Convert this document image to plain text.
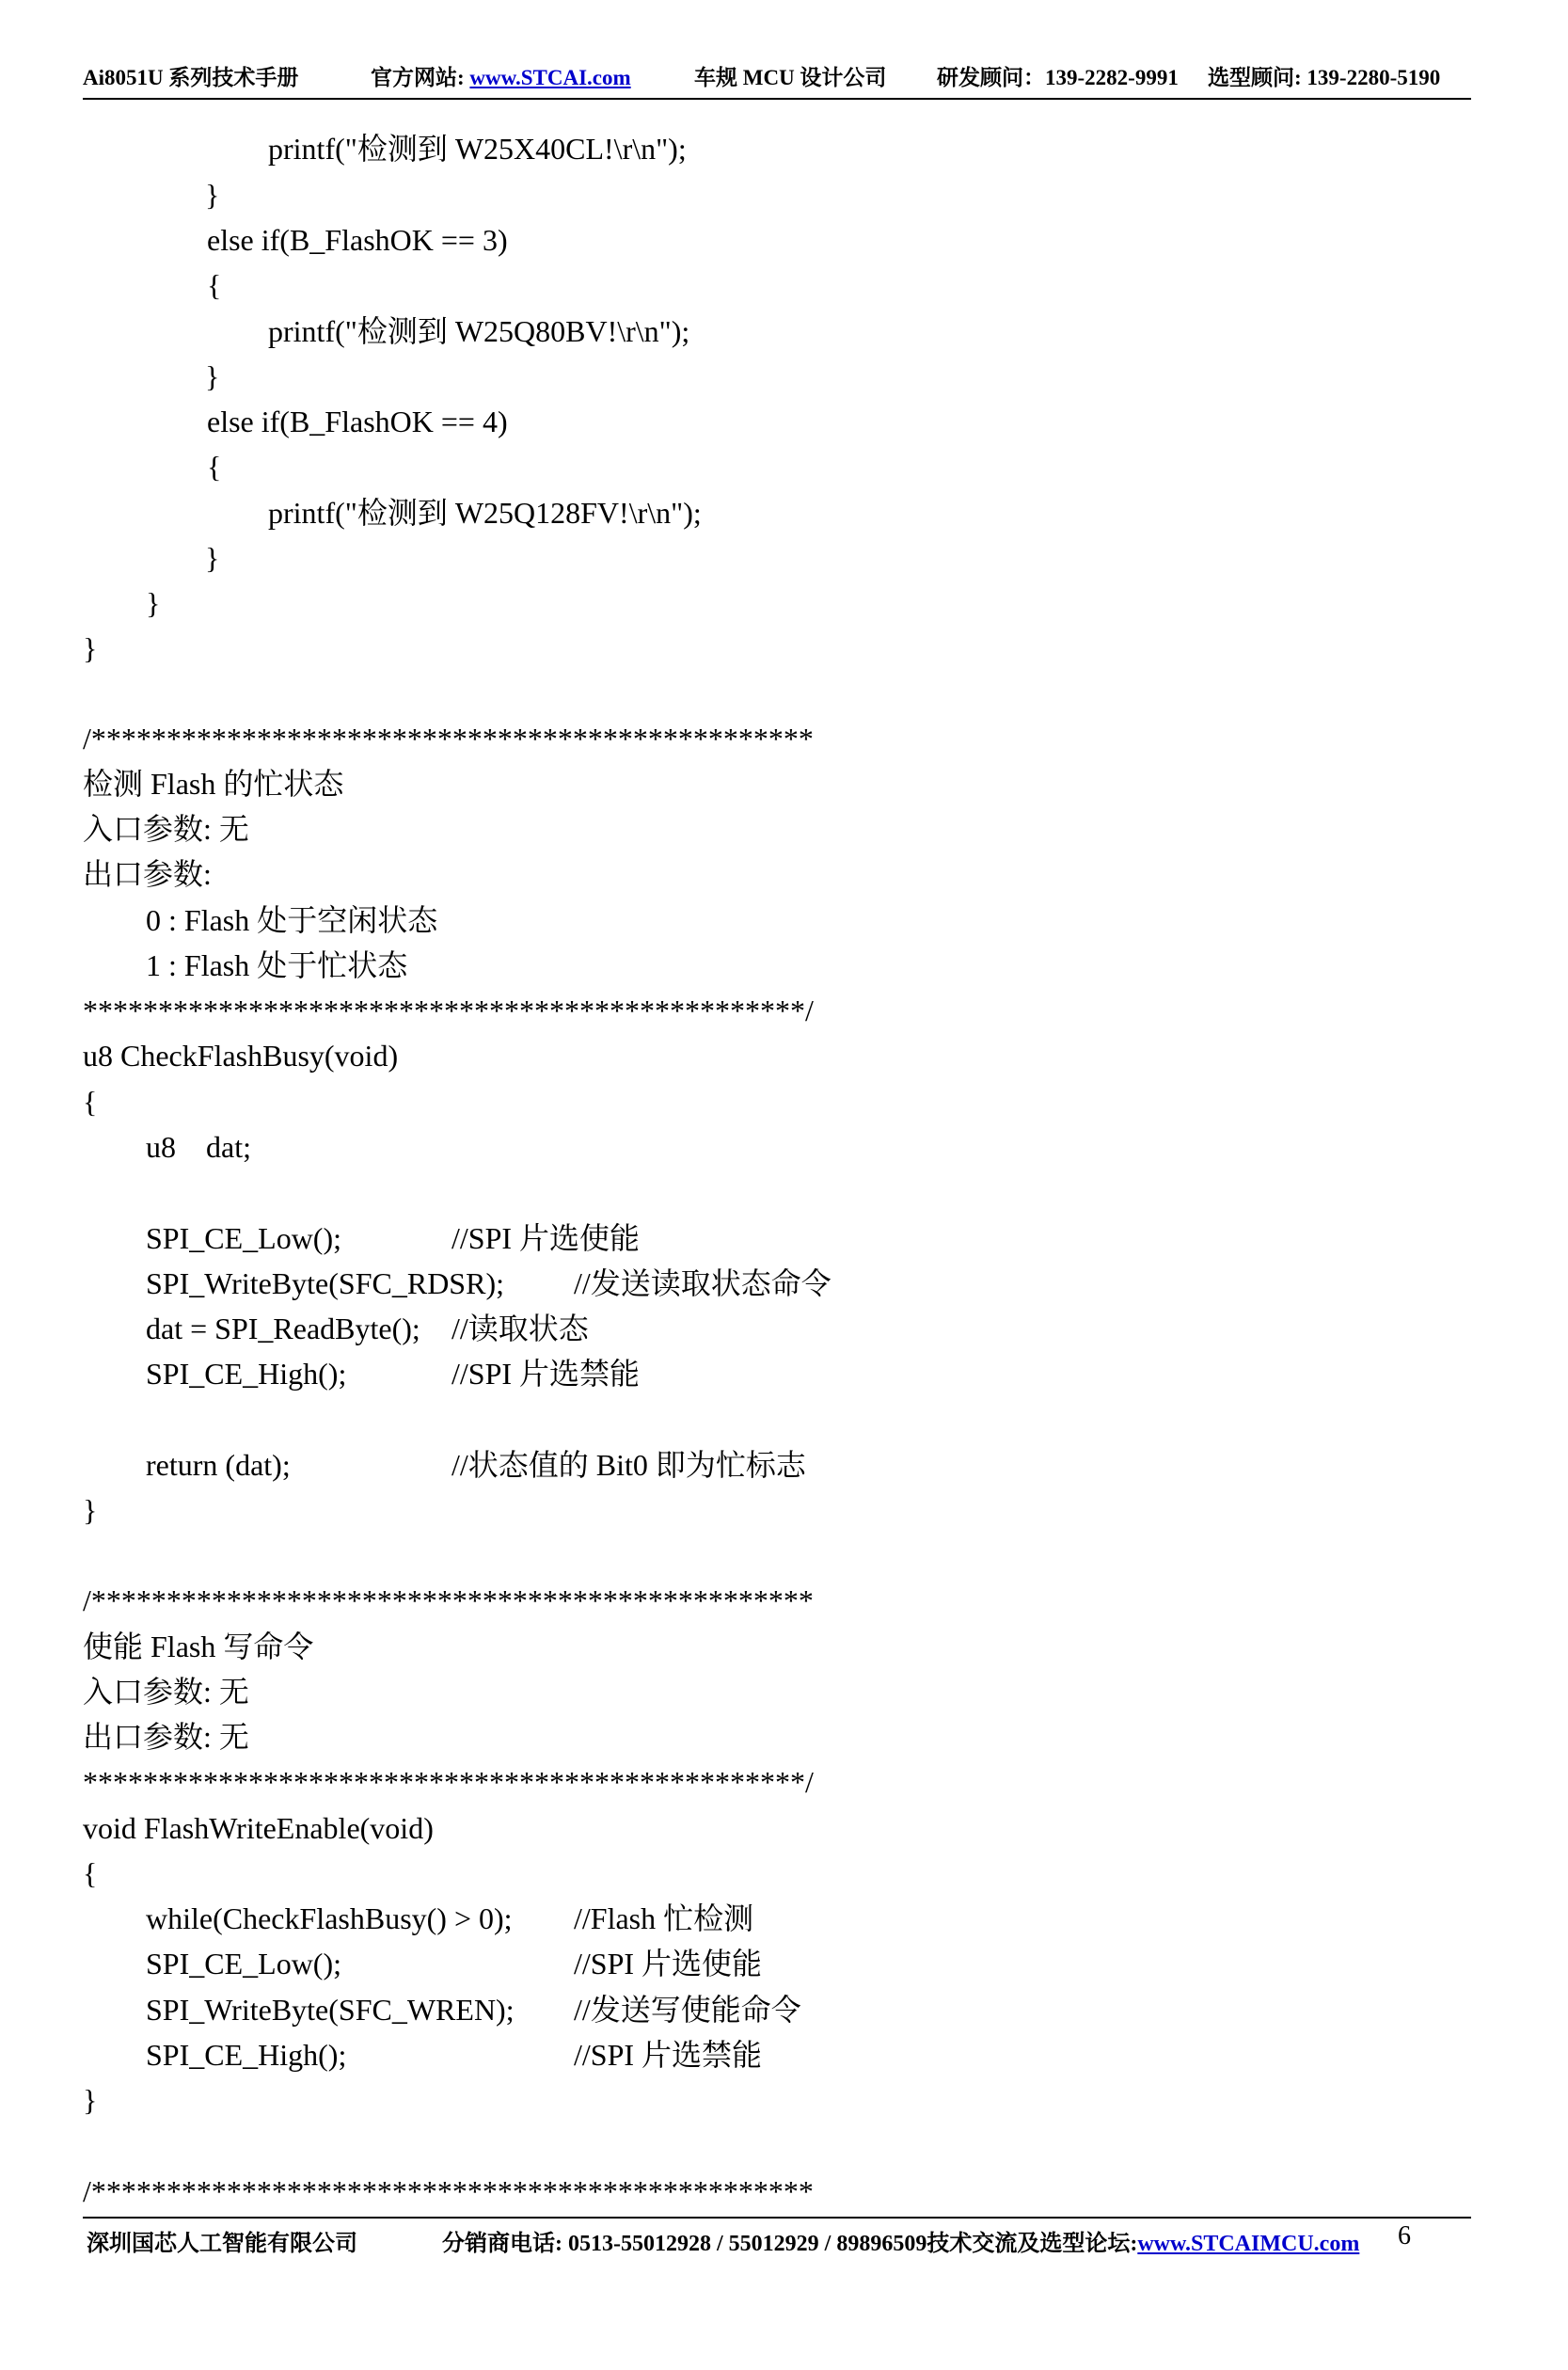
Ai8051U 系列技术手册	官方网站: www.STCAI.com	车规 MCU 设计公司 研发顾问：139-2282-9991 选型顾问: 139-2280-5190
printf("检测到 W25X40CL!\r\n");
}
else if(B_FlashOK == 3)
{
printf("检测到 W25Q80BV!\r\n");
}
else if(B_FlashOK == 4)
{
printf("检测到 W25Q128FV!\r\n");
}
}
}
/************************************************
检测 Flash 的忙状态
入口参数: 无
出口参数:
0 : Flash 处于空闲状态
1 : Flash 处于忙状态
************************************************/
u8 CheckFlashBusy(void)
{
u8    dat;
SPI_CE_Low();	//SPI 片选使能
SPI_WriteByte(SFC_RDSR); //发送读取状态命令
dat = SPI_ReadByte(); //读取状态
SPI_CE_High();	//SPI 片选禁能
return (dat);	//状态值的 Bit0 即为忙标志
}
/************************************************
使能 Flash 写命令
入口参数: 无
出口参数: 无
************************************************/
void FlashWriteEnable(void)
{
while(CheckFlashBusy() > 0); //Flash 忙检测
SPI_CE_Low();	//SPI 片选使能
SPI_WriteByte(SFC_WREN); //发送写使能命令
SPI_CE_High();	//SPI 片选禁能
}
/************************************************
深圳国芯人工智能有限公司	分销商电话: 0513-55012928 / 55012929 / 89896509技术交流及选型论坛:www.STCAIMCU.com 6
